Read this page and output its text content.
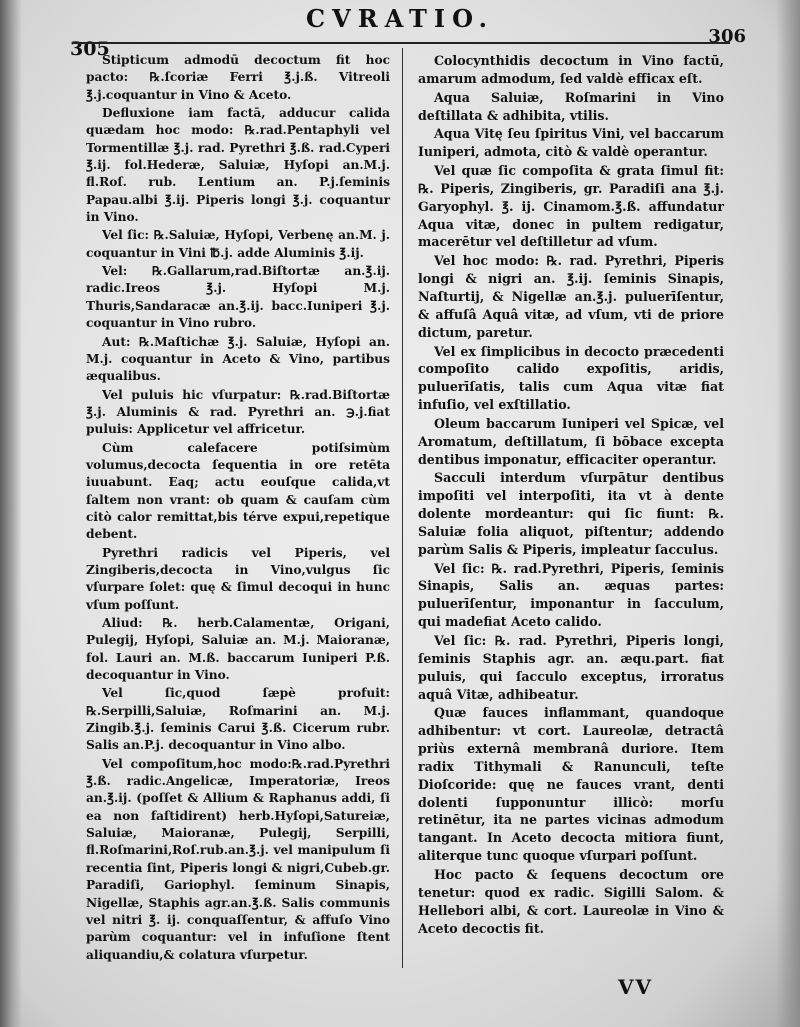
305
CVRATIO.
306

Stipticum admodū decoctum fit hoc pacto: ℞.ſcoriæ Ferri ℥.j.ß. Vitreoli ℥.j.coquantur in Vino & Aceto.

Defluxione iam factā, adducur calida quædam hoc modo: ℞.rad.Pentaphyli vel Tormentillæ ℥.j. rad. Pyrethri ℥.ß. rad.Cyperi ℥.ij. fol.Hederæ, Saluiæ, Hyſopi an.M.j. fl.Roſ. rub. Lentium an. P.j.ſeminis Papau.albi ℥.ij. Piperis longi ℥.j. coquantur in Vino.

Vel ſic: ℞.Saluiæ, Hyſopi, Verbenę an.M. j. coquantur in Vini ℔.j. adde Aluminis ℥.ij.

Vel: ℞.Gallarum,rad.Biſtortæ an.℥.ij. radic.Ireos ℥.j. Hyſopi M.j. Thuris,Sandaracæ an.℥.ij. bacc.Iuniperi ℥.j. coquantur in Vino rubro.

Aut: ℞.Maſtichæ ℥.j. Saluiæ, Hyſopi an. M.j. coquantur in Aceto & Vino, partibus æqualibus.

Vel puluis hic vſurpatur: ℞.rad.Biſtortæ ℥.j. Aluminis & rad. Pyrethri an. ℈.j.fiat puluis: Applicetur vel affricetur.

Cùm calefacere potiſsimùm volumus,decocta ſequentia in ore retēta iuuabunt. Eaq; actu eouſque calida,vt ſaltem non vrant: ob quam & cauſam cùm citò calor remittat,bis térve expui,repetique debent.

Pyrethri radicis vel Piperis, vel Zingiberis,decocta in Vino,vulgus ſic vſurpare ſolet: quę & ſimul decoqui in hunc vſum poſſunt.

Aliud: ℞. herb.Calamentæ, Origani, Pulegij, Hyſopi, Saluiæ an. M.j. Maioranæ, fol. Lauri an. M.ß. baccarum Iuniperi P.ß. decoquantur in Vino.

Vel ſic,quod ſæpè profuit: ℞.Serpilli,Saluiæ, Roſmarini an. M.j. Zingib.℥.j. ſeminis Carui ℥.ß. Cicerum rubr. Salis an.P.j. decoquantur in Vino albo.

Vel compoſitum,hoc modo:℞.rad.Pyrethri ℥.ß. radic.Angelicæ, Imperatoriæ, Ireos an.℥.ij. (poſſet & Allium & Raphanus addi, ſi ea non faſtidirent) herb.Hyſopi,Satureiæ, Saluiæ, Maioranæ, Pulegij, Serpilli, fl.Roſmarini,Roſ.rub.an.℥.j. vel manipulum ſi recentia ſint, Piperis longi & nigri,Cubeb.gr. Paradiſi, Gariophyl. ſeminum Sinapis, Nigellæ, Staphis agr.an.℥.ß. Salis communis vel nitri ℥. ij. conquaſſentur, & affuſo Vino parùm coquantur: vel in infuſione ſtent aliquandiu,& colatura vſurpetur.

Colocynthidis decoctum in Vino factū, amarum admodum, ſed valdè efficax eſt.

Aqua Saluiæ, Roſmarini in Vino deſtillata & adhibita, vtilis.

Aqua Vitę ſeu ſpiritus Vini, vel baccarum Iuniperi, admota, citò & valdè operantur.

Vel quæ ſic compoſita & grata ſimul fit: ℞. Piperis, Zingiberis, gr. Paradiſi ana ℥.j. Garyophyl. ℥. ij. Cinamom.℥.ß. affundatur Aqua vitæ, donec in pultem redigatur, macerētur vel deſtilletur ad vſum.

Vel hoc modo: ℞. rad. Pyrethri, Piperis longi & nigri an. ℥.ij. ſeminis Sinapis, Naſturtij, & Nigellæ an.℥.j. puluerīſentur, & affuſâ Aquâ vitæ, ad vſum, vti de priore dictum, paretur.

Vel ex ſimplicibus in decocto præcedenti compoſito calido expoſitis, aridis, puluerīſatis, talis cum Aqua vitæ fiat infuſio, vel exſtillatio.

Oleum baccarum Iuniperi vel Spicæ, vel Aromatum, deſtillatum, ſi bōbace excepta dentibus imponatur, efficaciter operantur.

Sacculi interdum vſurpātur dentibus impoſiti vel interpoſiti, ita vt à dente dolente mordeantur: qui ſic fiunt: ℞. Saluiæ folia aliquot, piſtentur; addendo parùm Salis & Piperis, impleatur ſacculus.

Vel ſic: ℞. rad.Pyrethri, Piperis, ſeminis Sinapis, Salis an. æquas partes: puluerīſentur, imponantur in ſacculum, qui madefiat Aceto calido.

Vel ſic: ℞. rad. Pyrethri, Piperis longi, ſeminis Staphis agr. an. æqu.part. fiat puluis, qui ſacculo exceptus, irroratus aquâ Vitæ, adhibeatur.

Quæ fauces inflammant, quandoque adhibentur: vt cort. Laureolæ, detractâ priùs externâ membranâ duriore. Item radix Tithymali & Ranunculi, teſte Dioſcoride: quę ne fauces vrant, denti dolenti ſupponuntur illicò: morſu retinētur, ita ne partes vicinas admodum tangant. In Aceto decocta mitiora fiunt, aliterque tunc quoque vſurpari poſſunt.

Hoc pacto & ſequens decoctum ore tenetur: quod ex radic. Sigilli Salom. & Hellebori albi, & cort. Laureolæ in Vino & Aceto decoctis fit.

VV
